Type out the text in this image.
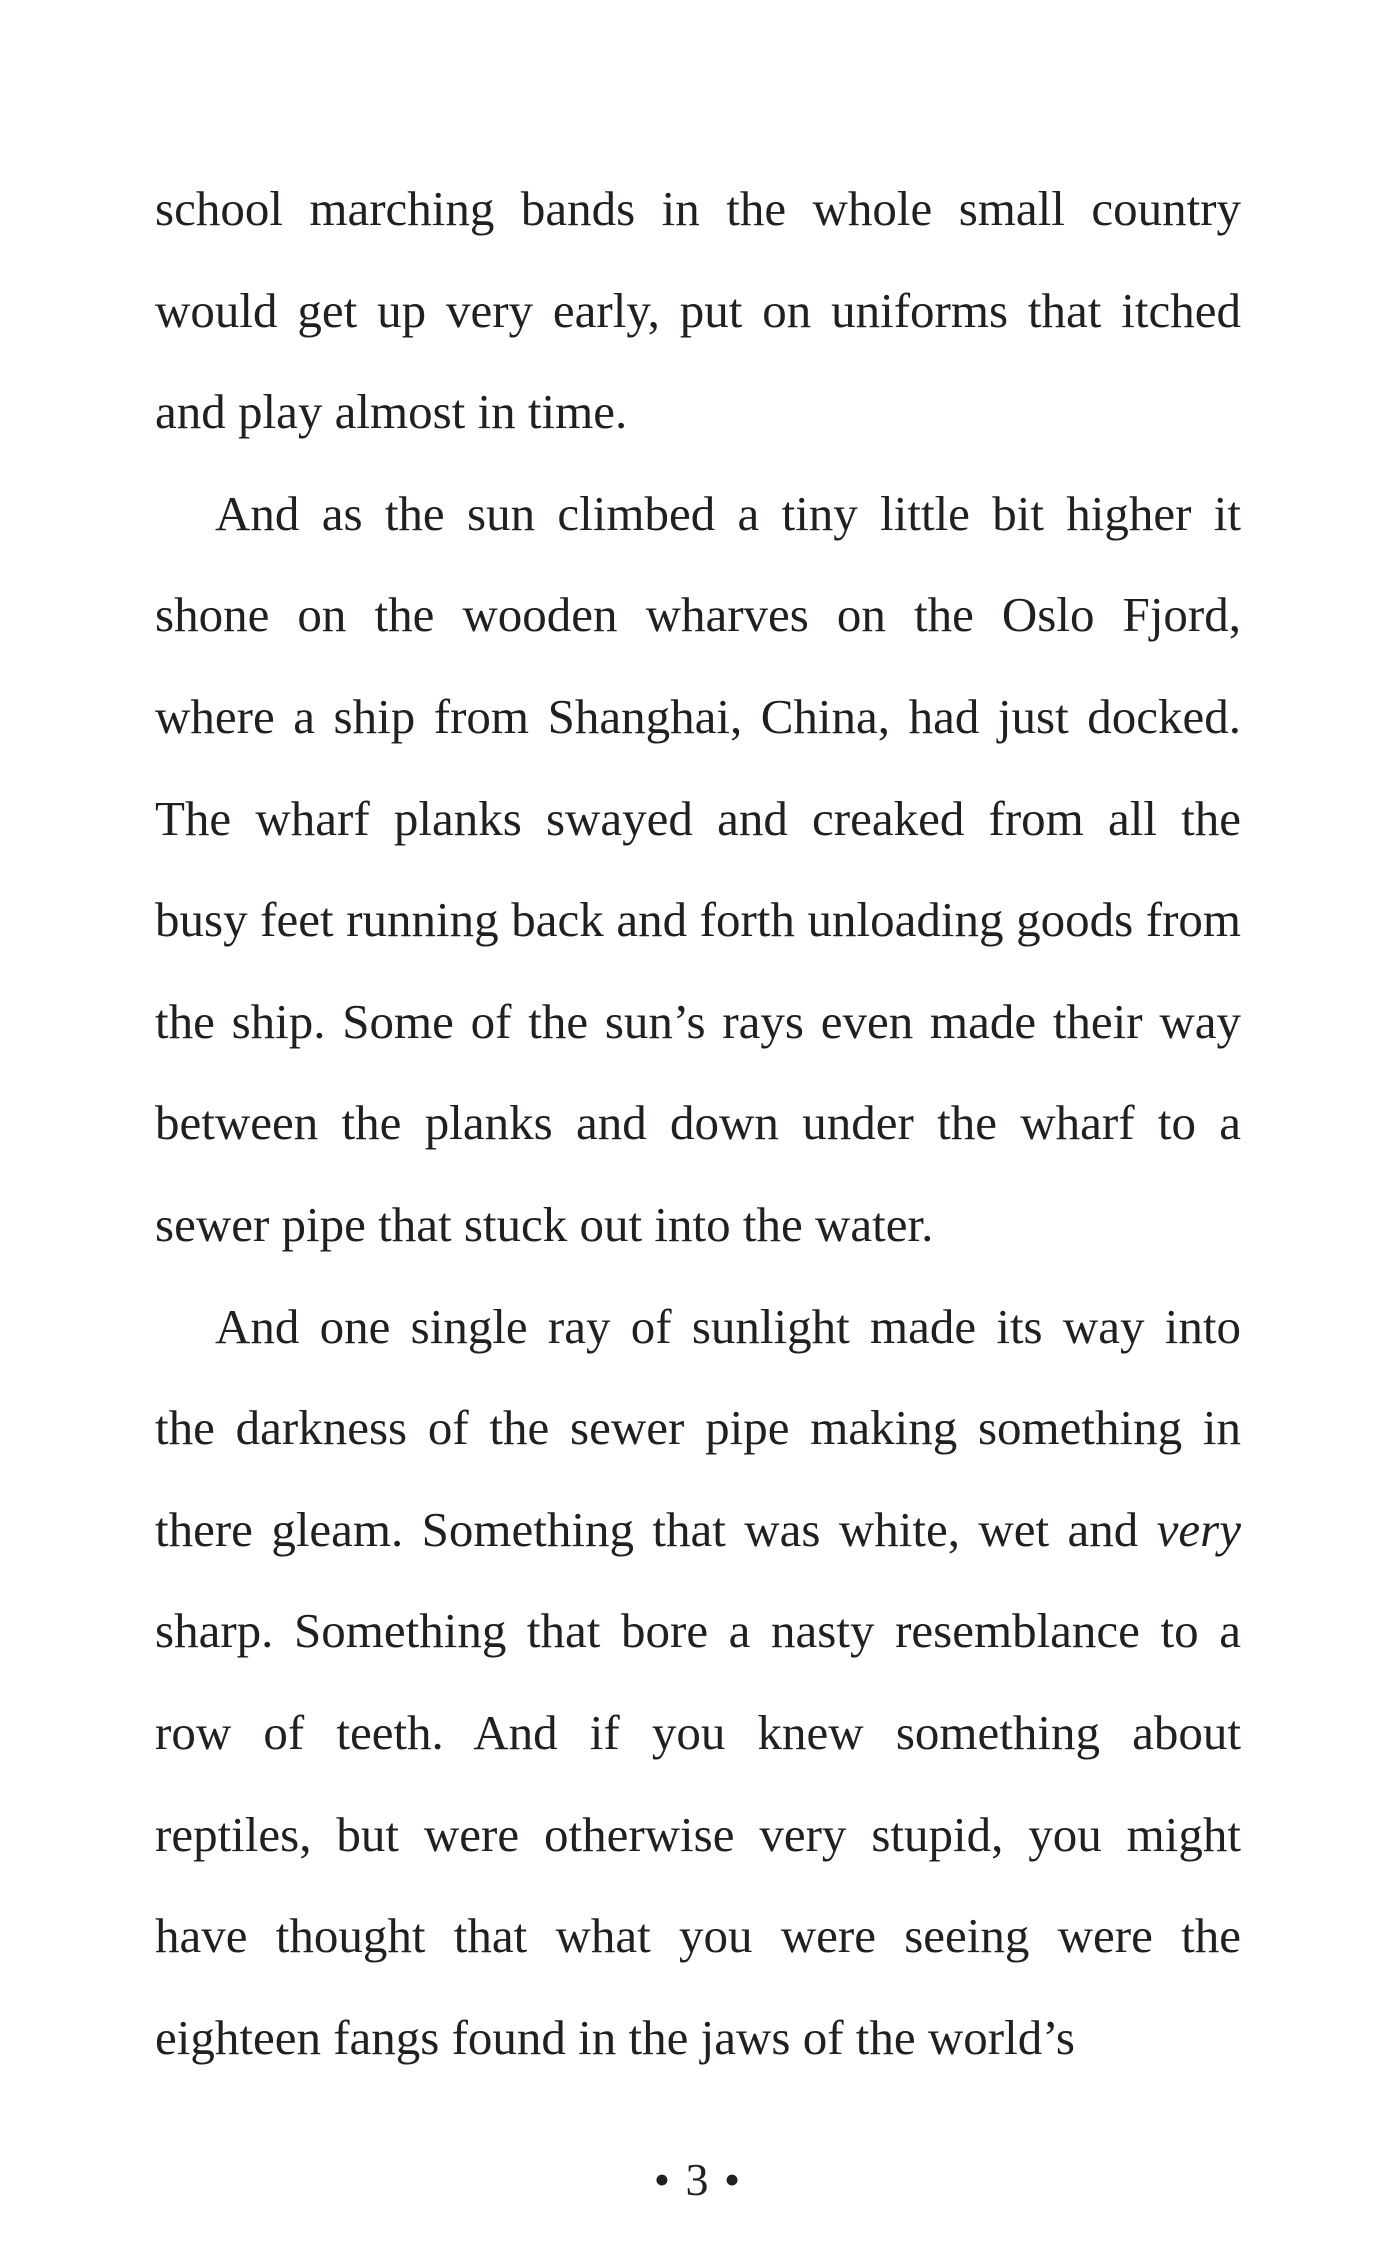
school marching bands in the whole small country would get up very early, put on uniforms that itched and play almost in time.

And as the sun climbed a tiny little bit higher it shone on the wooden wharves on the Oslo Fjord, where a ship from Shanghai, China, had just docked. The wharf planks swayed and creaked from all the busy feet running back and forth unloading goods from the ship. Some of the sun’s rays even made their way between the planks and down under the wharf to a sewer pipe that stuck out into the water.

And one single ray of sunlight made its way into the darkness of the sewer pipe making something in there gleam. Something that was white, wet and very sharp. Something that bore a nasty resemblance to a row of teeth. And if you knew something about reptiles, but were otherwise very stupid, you might have thought that what you were seeing were the eighteen fangs found in the jaws of the world’s

• 3 •
